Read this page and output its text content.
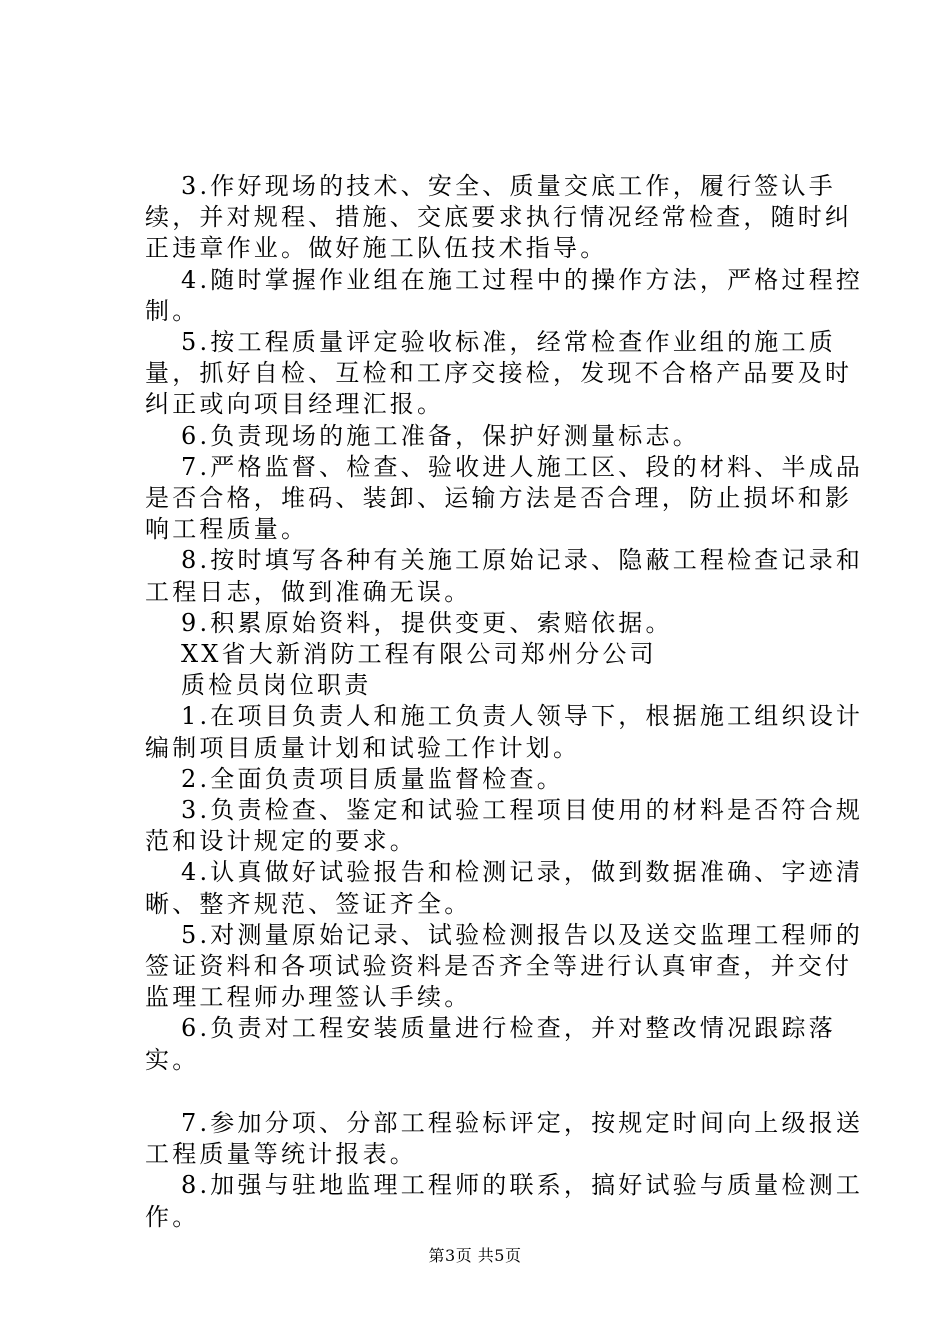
3.作好现场的技术、安全、质量交底工作，履行签认手续，并对规程、措施、交底要求执行情况经常检查，随时纠正违章作业。做好施工队伍技术指导。

4.随时掌握作业组在施工过程中的操作方法，严格过程控制。

5.按工程质量评定验收标准，经常检查作业组的施工质量，抓好自检、互检和工序交接检，发现不合格产品要及时纠正或向项目经理汇报。

6.负责现场的施工准备，保护好测量标志。

7.严格监督、检查、验收进人施工区、段的材料、半成品是否合格，堆码、装卸、运输方法是否合理，防止损坏和影响工程质量。

8.按时填写各种有关施工原始记录、隐蔽工程检查记录和工程日志，做到准确无误。

9.积累原始资料，提供变更、索赔依据。

XX省大新消防工程有限公司郑州分公司

质检员岗位职责

1.在项目负责人和施工负责人领导下，根据施工组织设计编制项目质量计划和试验工作计划。

2.全面负责项目质量监督检查。

3.负责检查、鉴定和试验工程项目使用的材料是否符合规范和设计规定的要求。

4.认真做好试验报告和检测记录，做到数据准确、字迹清晰、整齐规范、签证齐全。

5.对测量原始记录、试验检测报告以及送交监理工程师的签证资料和各项试验资料是否齐全等进行认真审查，并交付监理工程师办理签认手续。

6.负责对工程安装质量进行检查，并对整改情况跟踪落实。

7.参加分项、分部工程验标评定，按规定时间向上级报送工程质量等统计报表。

8.加强与驻地监理工程师的联系，搞好试验与质量检测工作。

第3页 共5页
